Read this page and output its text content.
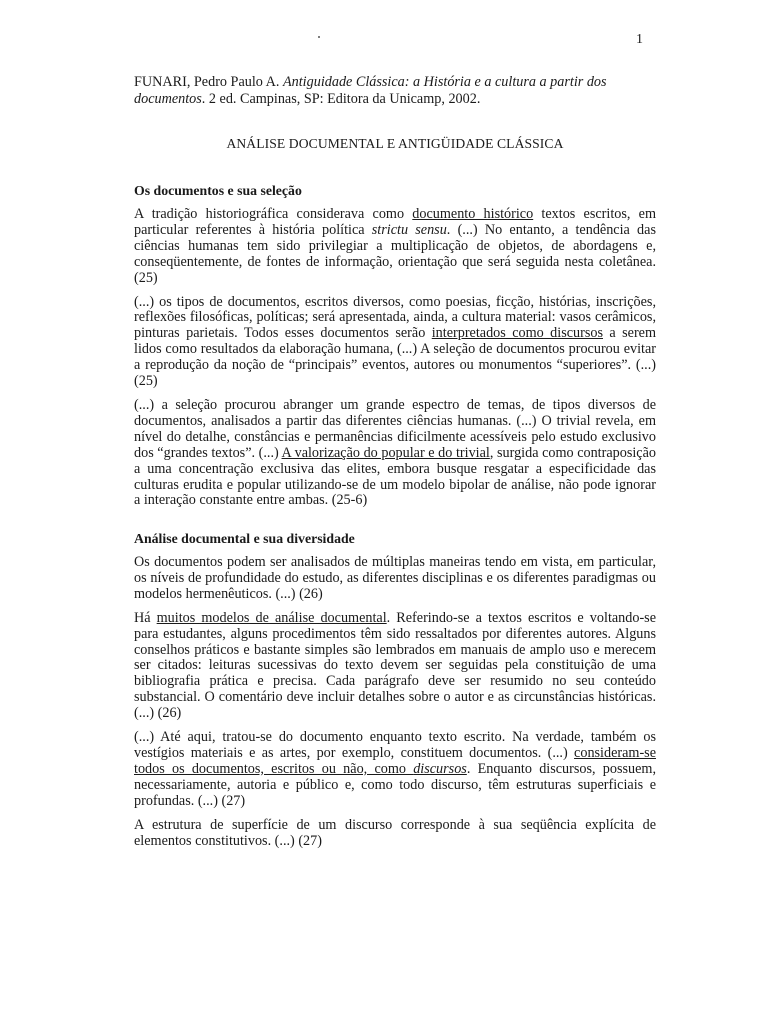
1
FUNARI, Pedro Paulo A. Antiguidade Clássica: a História e a cultura a partir dos documentos. 2 ed. Campinas, SP: Editora da Unicamp, 2002.
ANÁLISE DOCUMENTAL E ANTIGÜIDADE CLÁSSICA

Os documentos e sua seleção

A tradição historiográfica considerava como documento histórico textos escritos, em particular referentes à história política strictu sensu. (...) No entanto, a tendência das ciências humanas tem sido privilegiar a multiplicação de objetos, de abordagens e, conseqüentemente, de fontes de informação, orientação que será seguida nesta coletânea. (25)

(...) os tipos de documentos, escritos diversos, como poesias, ficção, histórias, inscrições, reflexões filosóficas, políticas; será apresentada, ainda, a cultura material: vasos cerâmicos, pinturas parietais. Todos esses documentos serão interpretados como discursos a serem lidos como resultados da elaboração humana, (...) A seleção de documentos procurou evitar a reprodução da noção de “principais” eventos, autores ou monumentos “superiores”. (...) (25)

(...) a seleção procurou abranger um grande espectro de temas, de tipos diversos de documentos, analisados a partir das diferentes ciências humanas. (...) O trivial revela, em nível do detalhe, constâncias e permanências dificilmente acessíveis pelo estudo exclusivo dos “grandes textos”. (...) A valorização do popular e do trivial, surgida como contraposição a uma concentração exclusiva das elites, embora busque resgatar a especificidade das culturas erudita e popular utilizando-se de um modelo bipolar de análise, não pode ignorar a interação constante entre ambas. (25-6)

Análise documental e sua diversidade

Os documentos podem ser analisados de múltiplas maneiras tendo em vista, em particular, os níveis de profundidade do estudo, as diferentes disciplinas e os diferentes paradigmas ou modelos hermenêuticos. (...) (26)

Há muitos modelos de análise documental. Referindo-se a textos escritos e voltando-se para estudantes, alguns procedimentos têm sido ressaltados por diferentes autores. Alguns conselhos práticos e bastante simples são lembrados em manuais de amplo uso e merecem ser citados: leituras sucessivas do texto devem ser seguidas pela constituição de uma bibliografia prática e precisa. Cada parágrafo deve ser resumido no seu conteúdo substancial. O comentário deve incluir detalhes sobre o autor e as circunstâncias históricas. (...) (26)

(...) Até aqui, tratou-se do documento enquanto texto escrito. Na verdade, também os vestígios materiais e as artes, por exemplo, constituem documentos. (...) consideram-se todos os documentos, escritos ou não, como discursos. Enquanto discursos, possuem, necessariamente, autoria e público e, como todo discurso, têm estruturas superficiais e profundas. (...) (27)

A estrutura de superfície de um discurso corresponde à sua seqüência explícita de elementos constitutivos. (...) (27)
